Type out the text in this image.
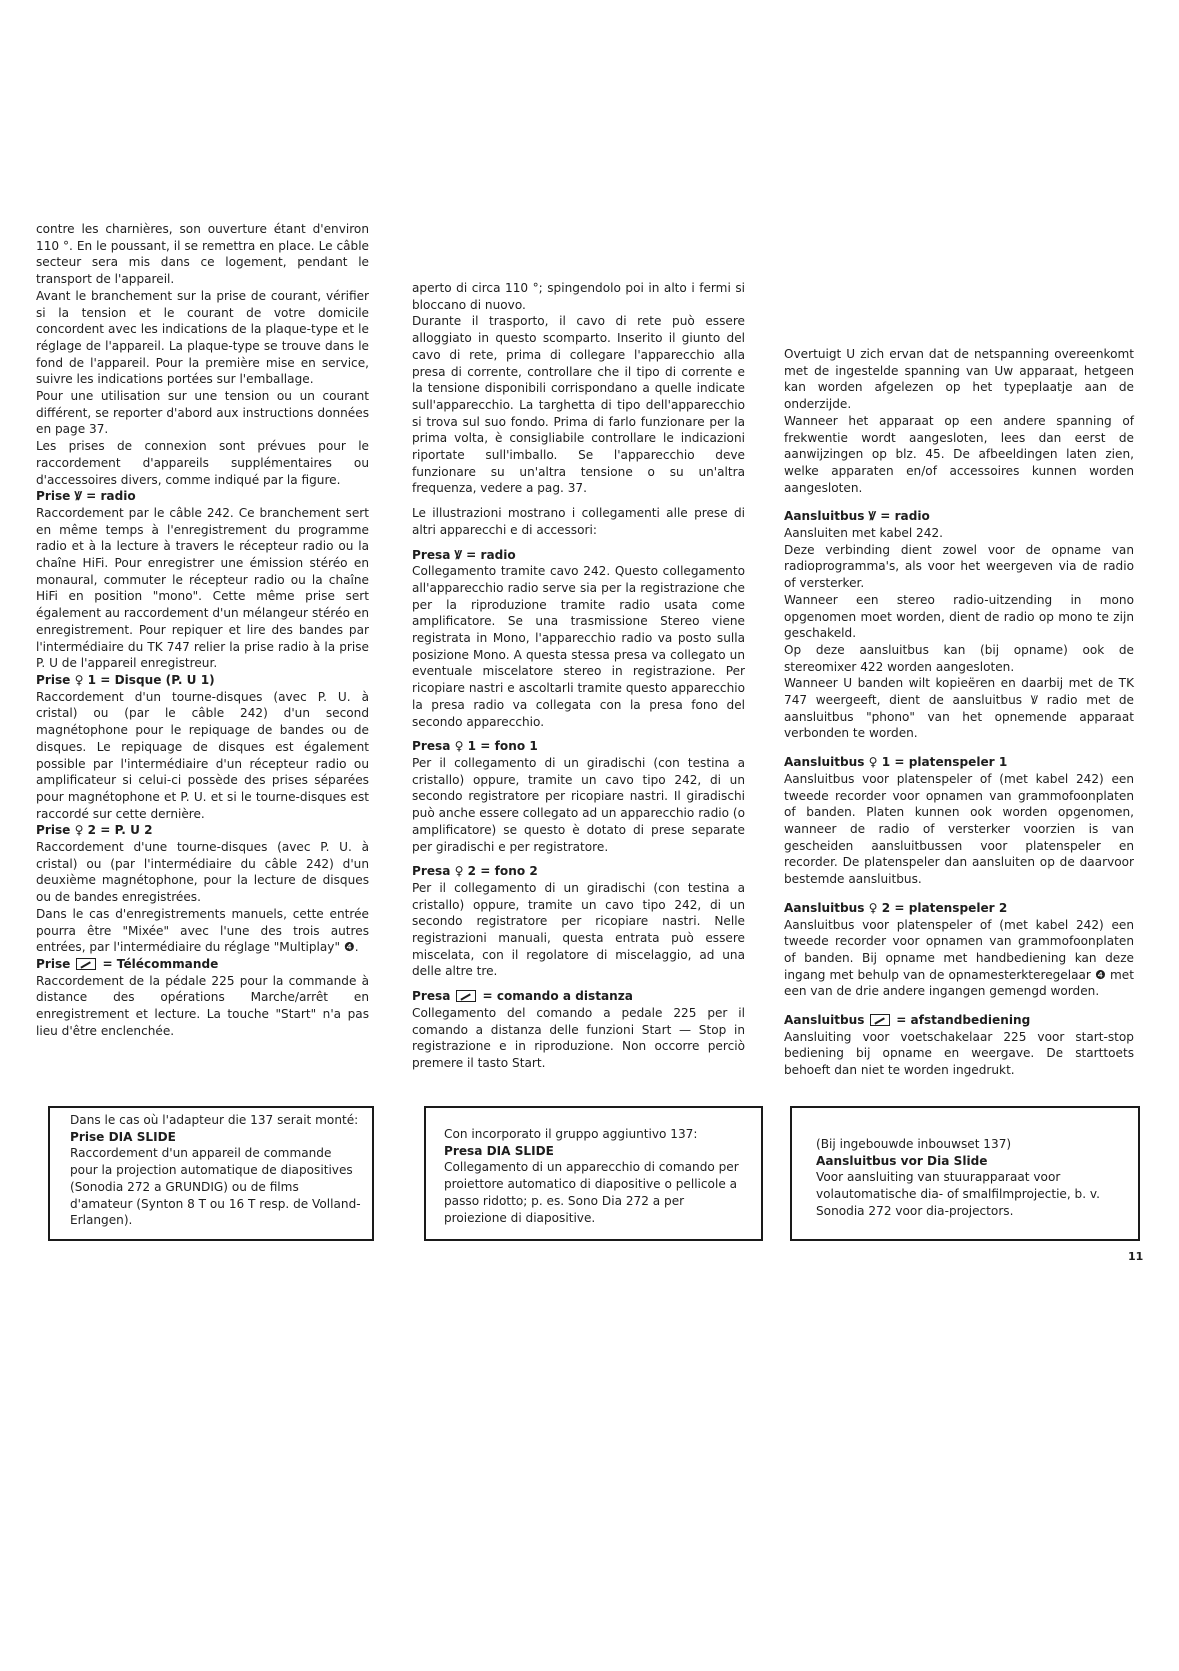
contre les charnières, son ouverture étant d'environ 110 °. En le poussant, il se remettra en place. Le câble secteur sera mis dans ce logement, pendant le transport de l'appareil.

Avant le branchement sur la prise de courant, vérifier si la tension et le courant de votre domicile concordent avec les indications de la plaque-type et le réglage de l'appareil. La plaque-type se trouve dans le fond de l'appareil. Pour la première mise en service, suivre les indications portées sur l'emballage.

Pour une utilisation sur une tension ou un courant différent, se reporter d'abord aux instructions données en page 37.

Les prises de connexion sont prévues pour le raccordement d'appareils supplémentaires ou d'accessoires divers, comme indiqué par la figure.

Prise Ꝟ = radio

Raccordement par le câble 242. Ce branchement sert en même temps à l'enregistrement du programme radio et à la lecture à travers le récepteur radio ou la chaîne HiFi. Pour enregistrer une émission stéréo en monaural, commuter le récepteur radio ou la chaîne HiFi en position "mono". Cette même prise sert également au raccordement d'un mélangeur stéréo en enregistrement. Pour repiquer et lire des bandes par l'intermédiaire du TK 747 relier la prise radio à la prise P. U de l'appareil enregistreur.

Prise ♀ 1 = Disque (P. U 1)

Raccordement d'un tourne-disques (avec P. U. à cristal) ou (par le câble 242) d'un second magnétophone pour le repiquage de bandes ou de disques. Le repiquage de disques est également possible par l'intermédiaire d'un récepteur radio ou amplificateur si celui-ci possède des prises séparées pour magnétophone et P. U. et si le tourne-disques est raccordé sur cette dernière.

Prise ♀ 2 = P. U 2

Raccordement d'une tourne-disques (avec P. U. à cristal) ou (par l'intermédiaire du câble 242) d'un deuxième magnétophone, pour la lecture de disques ou de bandes enregistrées.

Dans le cas d'enregistrements manuels, cette entrée pourra être "Mixée" avec l'une des trois autres entrées, par l'intermédiaire du réglage "Multiplay" ❹.

Prise  = Télécommande

Raccordement de la pédale 225 pour la commande à distance des opérations Marche/arrêt en enregistrement et lecture. La touche "Start" n'a pas lieu d'être enclenchée.

Dans le cas où l'adapteur die 137 serait monté:

Prise DIA SLIDE

Raccordement d'un appareil de commande pour la projection automatique de diapositives (Sonodia 272 a GRUNDIG) ou de films d'amateur (Synton 8 T ou 16 T resp. de Volland-Erlangen).

aperto di circa 110 °; spingendolo poi in alto i fermi si bloccano di nuovo.

Durante il trasporto, il cavo di rete può essere alloggiato in questo scomparto. Inserito il giunto del cavo di rete, prima di collegare l'apparecchio alla presa di corrente, controllare che il tipo di corrente e la tensione disponibili corrispondano a quelle indicate sull'apparecchio. La targhetta di tipo dell'apparecchio si trova sul suo fondo. Prima di farlo funzionare per la prima volta, è consigliabile controllare le indicazioni riportate sull'imballo. Se l'apparecchio deve funzionare su un'altra tensione o su un'altra frequenza, vedere a pag. 37.

Le illustrazioni mostrano i collegamenti alle prese di altri apparecchi e di accessori:

Presa Ꝟ = radio

Collegamento tramite cavo 242. Questo collegamento all'apparecchio radio serve sia per la registrazione che per la riproduzione tramite radio usata come amplificatore. Se una trasmissione Stereo viene registrata in Mono, l'apparecchio radio va posto sulla posizione Mono. A questa stessa presa va collegato un eventuale miscelatore stereo in registrazione. Per ricopiare nastri e ascoltarli tramite questo apparecchio la presa radio va collegata con la presa fono del secondo apparecchio.

Presa ♀ 1 = fono 1

Per il collegamento di un giradischi (con testina a cristallo) oppure, tramite un cavo tipo 242, di un secondo registratore per ricopiare nastri. Il giradischi può anche essere collegato ad un apparecchio radio (o amplificatore) se questo è dotato di prese separate per giradischi e per registratore.

Presa ♀ 2 = fono 2

Per il collegamento di un giradischi (con testina a cristallo) oppure, tramite un cavo tipo 242, di un secondo registratore per ricopiare nastri. Nelle registrazioni manuali, questa entrata può essere miscelata, con il regolatore di miscelaggio, ad una delle altre tre.

Presa  = comando a distanza

Collegamento del comando a pedale 225 per il comando a distanza delle funzioni Start — Stop in registrazione e in riproduzione. Non occorre perciò premere il tasto Start.

Con incorporato il gruppo aggiuntivo 137:

Presa DIA SLIDE

Collegamento di un apparecchio di comando per proiettore automatico di diapositive o pellicole a passo ridotto; p. es. Sono Dia 272 a per proiezione di diapositive.

Overtuigt U zich ervan dat de netspanning overeenkomt met de ingestelde spanning van Uw apparaat, hetgeen kan worden afgelezen op het typeplaatje aan de onderzijde.

Wanneer het apparaat op een andere spanning of frekwentie wordt aangesloten, lees dan eerst de aanwijzingen op blz. 45. De afbeeldingen laten zien, welke apparaten en/of accessoires kunnen worden aangesloten.

Aansluitbus Ꝟ = radio

Aansluiten met kabel 242.

Deze verbinding dient zowel voor de opname van radioprogramma's, als voor het weergeven via de radio of versterker.

Wanneer een stereo radio-uitzending in mono opgenomen moet worden, dient de radio op mono te zijn geschakeld.

Op deze aansluitbus kan (bij opname) ook de stereomixer 422 worden aangesloten.

Wanneer U banden wilt kopieëren en daarbij met de TK 747 weergeeft, dient de aansluitbus Ꝟ radio met de aansluitbus "phono" van het opnemende apparaat verbonden te worden.

Aansluitbus ♀ 1 = platenspeler 1

Aansluitbus voor platenspeler of (met kabel 242) een tweede recorder voor opnamen van grammofoonplaten of banden. Platen kunnen ook worden opgenomen, wanneer de radio of versterker voorzien is van gescheiden aansluitbussen voor platenspeler en recorder. De platenspeler dan aansluiten op de daarvoor bestemde aansluitbus.

Aansluitbus ♀ 2 = platenspeler 2

Aansluitbus voor platenspeler of (met kabel 242) een tweede recorder voor opnamen van grammofoonplaten of banden. Bij opname met handbediening kan deze ingang met behulp van de opnamesterkteregelaar ❹ met een van de drie andere ingangen gemengd worden.

Aansluitbus	= afstandbediening

Aansluiting voor voetschakelaar 225 voor start-stop bediening bij opname en weergave. De starttoets behoeft dan niet te worden ingedrukt.

(Bij ingebouwde inbouwset 137)

Aansluitbus vor Dia Slide

Voor aansluiting van stuurapparaat voor volautomatische dia- of smalfilmprojectie, b. v. Sonodia 272 voor dia-projectors.

11
